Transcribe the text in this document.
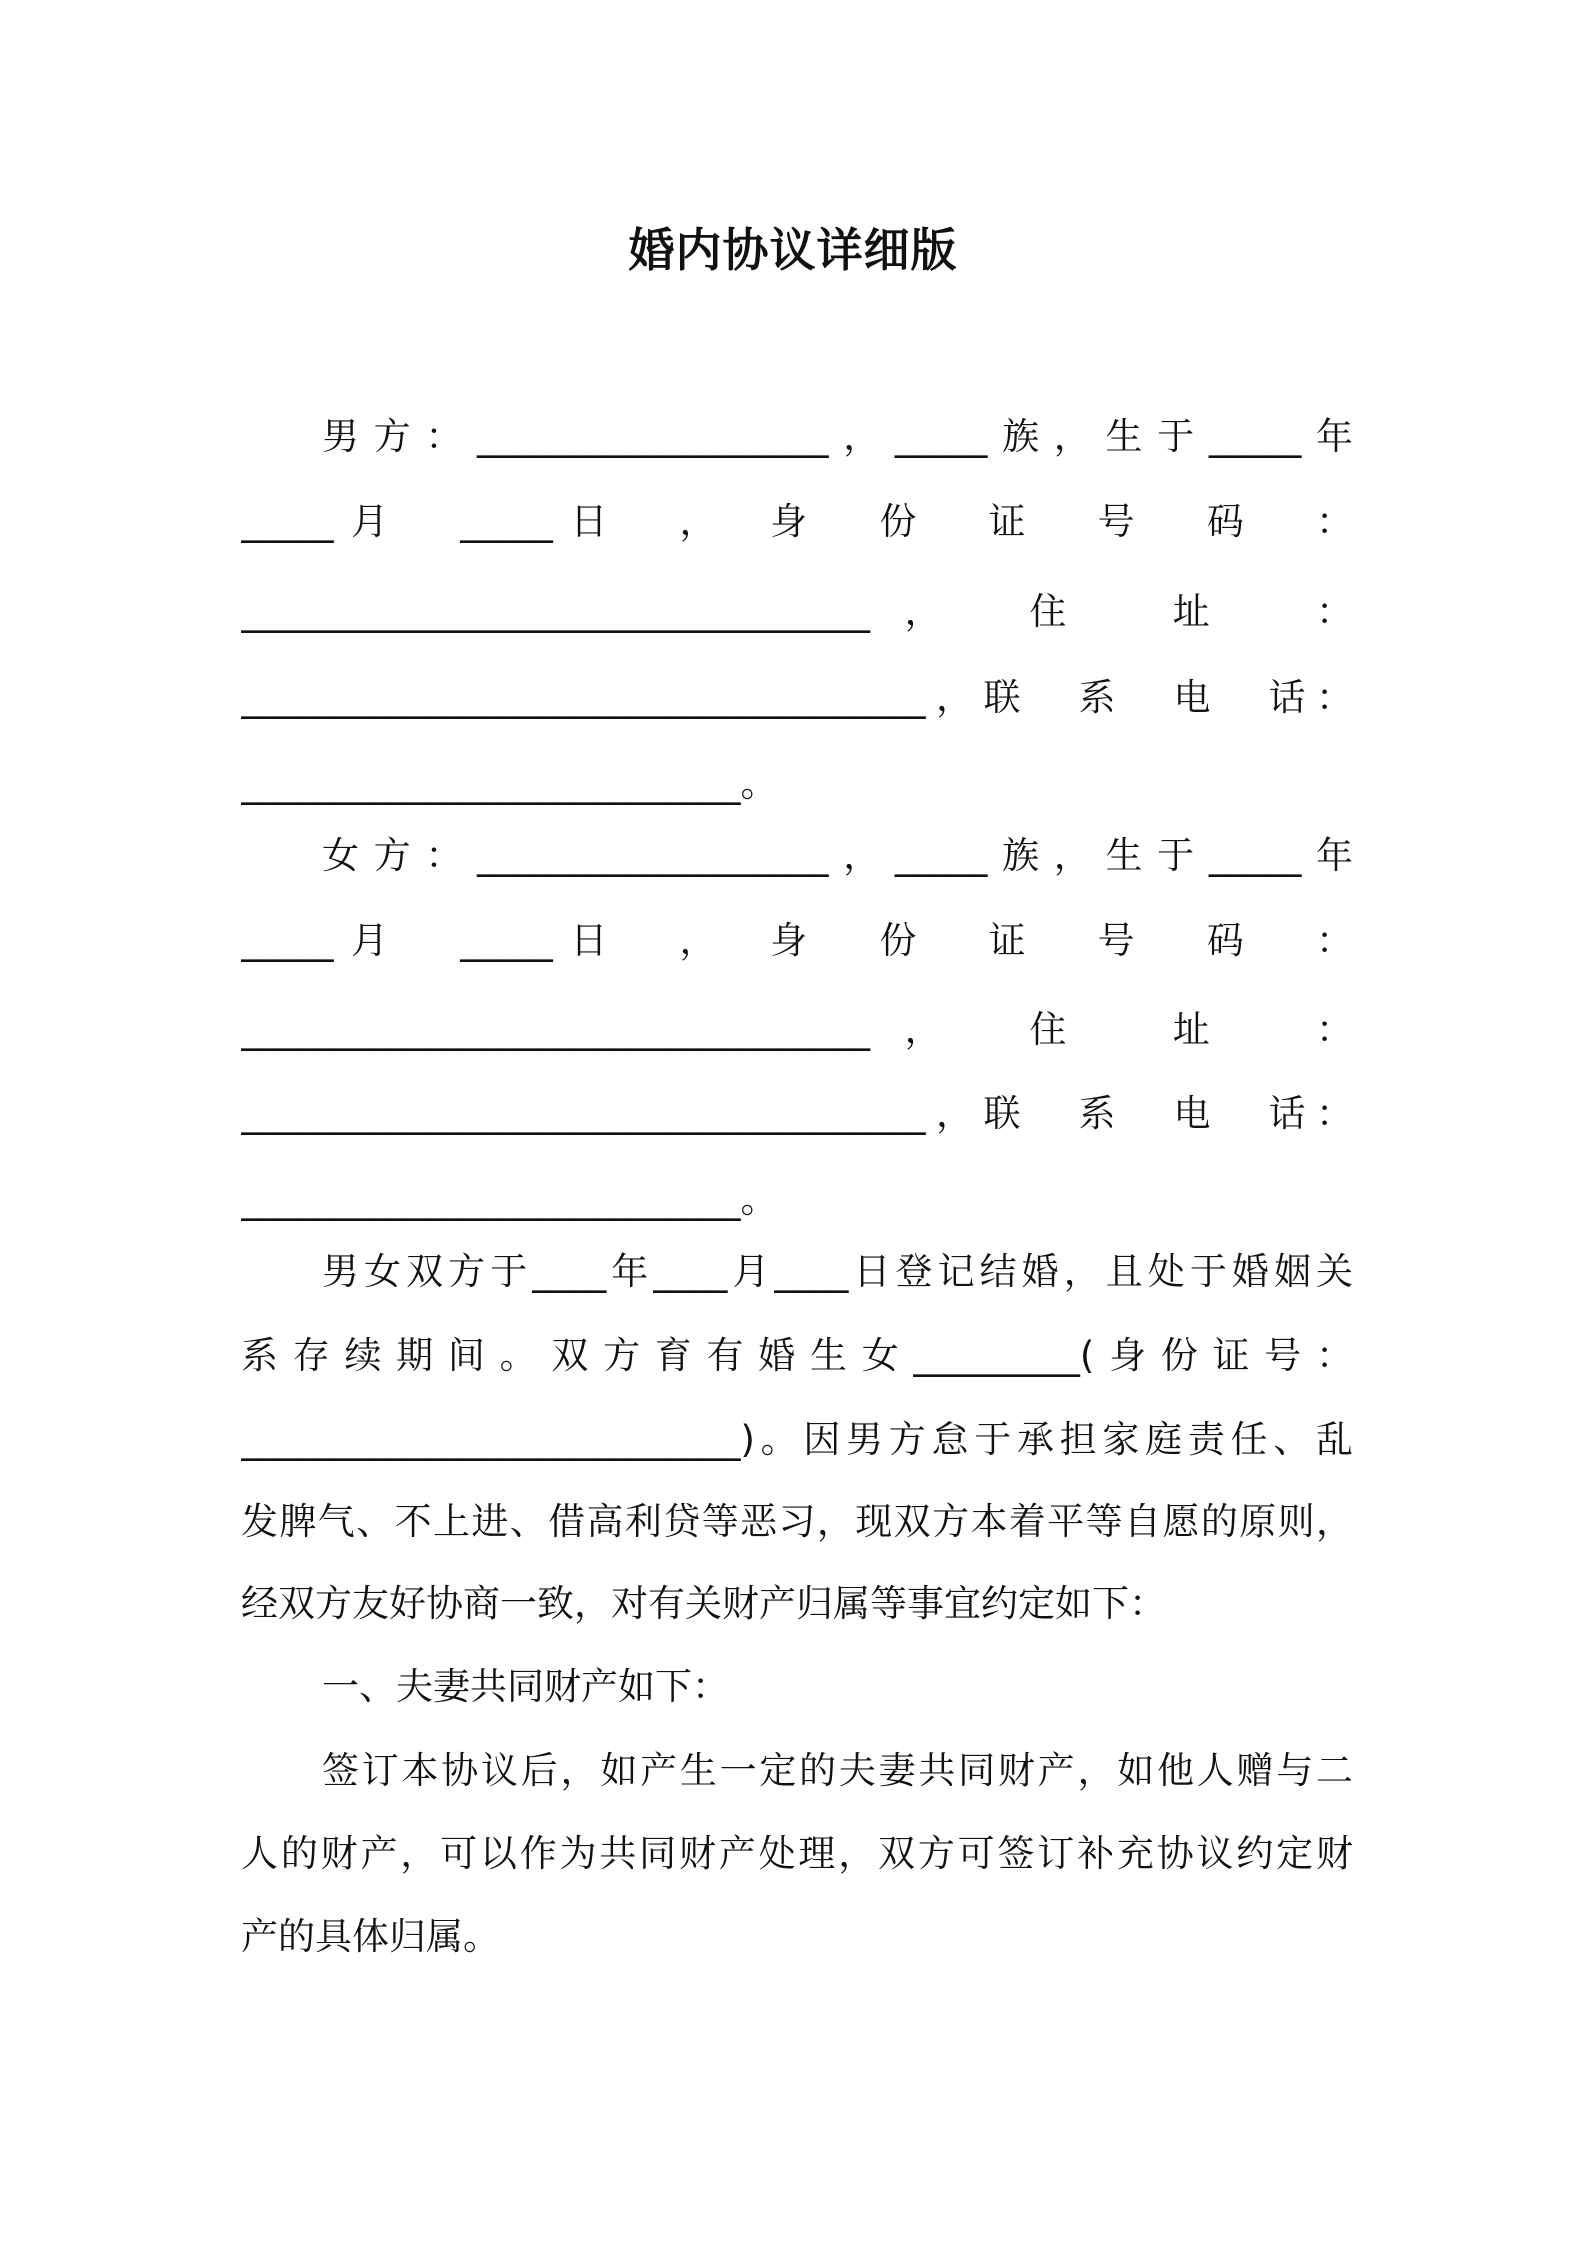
婚内协议详细版
男方：___________________，_____族，生于_____年
_____月　_____日　，　身　份　证　号　码　：
__________________________________，　住　址　：
_____________________________________，联　系　电　话：
___________________________。
女方：___________________，_____族，生于_____年
_____月　_____日　，　身　份　证　号　码　：
__________________________________，　住　址　：
_____________________________________，联　系　电　话：
___________________________。
男女双方于____年____月____日登记结婚，且处于婚姻关
系存续期间。双方育有婚生女_________(身份证号：
___________________________)。因男方怠于承担家庭责任、乱
发脾气、不上进、借高利贷等恶习，现双方本着平等自愿的原则，
经双方友好协商一致，对有关财产归属等事宜约定如下：
一、夫妻共同财产如下：
签订本协议后，如产生一定的夫妻共同财产，如他人赠与二
人的财产，可以作为共同财产处理，双方可签订补充协议约定财
产的具体归属。
